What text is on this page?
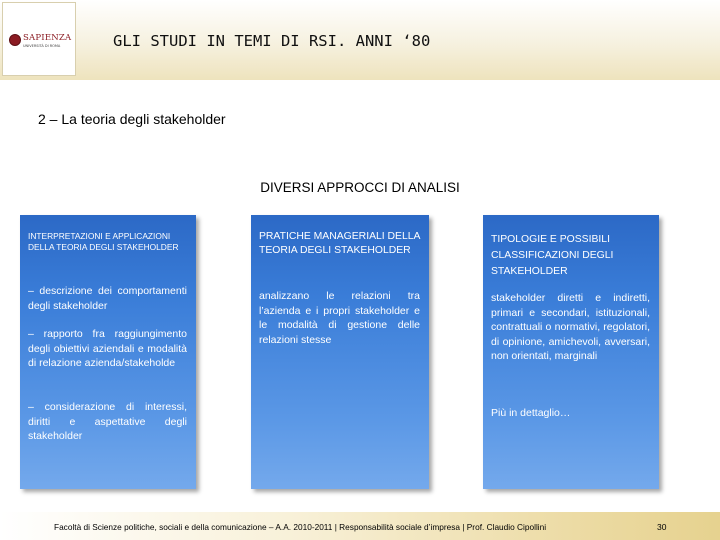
SAPIENZA
UNIVERSITÀ DI ROMA	GLI STUDI IN TEMI DI RSI. ANNI ‘80
2 – La teoria degli stakeholder
DIVERSI APPROCCI DI ANALISI
INTERPRETAZIONI E APPLICAZIONI DELLA TEORIA DEGLI STAKEHOLDER
– descrizione dei comportamenti degli stakeholder
– rapporto fra raggiungimento degli obiettivi aziendali e modalità di relazione azienda/stakeholde
– considerazione di interessi, diritti e aspettative degli stakeholder
PRATICHE MANAGERIALI DELLA TEORIA DEGLI STAKEHOLDER
analizzano le relazioni tra l’azienda e i propri stakeholder e le modalità di gestione delle relazioni stesse
TIPOLOGIE E POSSIBILI CLASSIFICAZIONI DEGLI STAKEHOLDER
stakeholder diretti e indiretti, primari e secondari, istituzionali, contrattuali o normativi, regolatori, di opinione, amichevoli, avversari, non orientati, marginali
Più in dettaglio…
Facoltà di Scienze politiche, sociali e della comunicazione – A.A. 2010-2011 | Responsabilità sociale d’impresa | Prof. Claudio Cipollini	30
